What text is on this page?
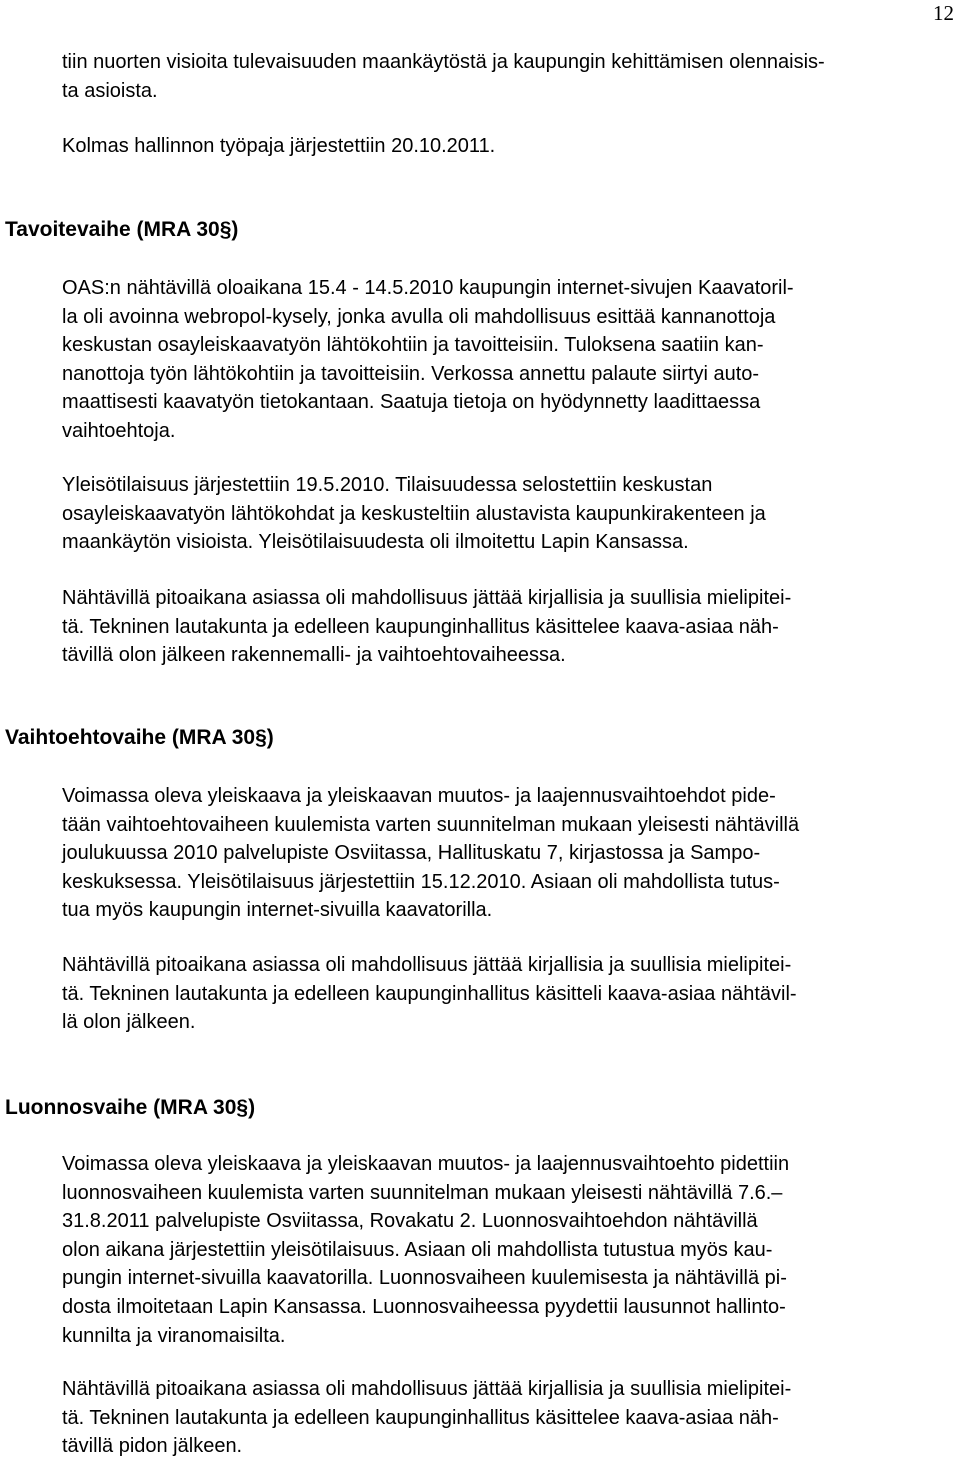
12

tiin nuorten visioita tulevaisuuden maankäytöstä ja kaupungin kehittämisen olennaisis-
ta asioista.

Kolmas hallinnon työpaja järjestettiin 20.10.2011.

Tavoitevaihe (MRA 30§)

OAS:n nähtävillä oloaikana 15.4 - 14.5.2010 kaupungin internet-sivujen Kaavatoril-
la oli avoinna webropol-kysely, jonka avulla oli mahdollisuus esittää kannanottoja
keskustan osayleiskaavatyön lähtökohtiin ja tavoitteisiin. Tuloksena saatiin kan-
nanottoja työn lähtökohtiin ja tavoitteisiin. Verkossa annettu palaute siirtyi auto-
maattisesti kaavatyön tietokantaan. Saatuja tietoja on hyödynnetty laadittaessa
vaihtoehtoja.

Yleisötilaisuus järjestettiin 19.5.2010. Tilaisuudessa selostettiin keskustan
osayleiskaavatyön lähtökohdat ja keskusteltiin alustavista kaupunkirakenteen ja
maankäytön visioista. Yleisötilaisuudesta oli ilmoitettu Lapin Kansassa.

Nähtävillä pitoaikana asiassa oli mahdollisuus jättää kirjallisia ja suullisia mielipitei-
tä. Tekninen lautakunta ja edelleen kaupunginhallitus käsittelee kaava-asiaa näh-
tävillä olon jälkeen rakennemalli- ja vaihtoehtovaiheessa.

Vaihtoehtovaihe (MRA 30§)

Voimassa oleva yleiskaava ja yleiskaavan muutos- ja laajennusvaihtoehdot pide-
tään vaihtoehtovaiheen kuulemista varten suunnitelman mukaan yleisesti nähtävillä
joulukuussa 2010 palvelupiste Osviitassa, Hallituskatu 7, kirjastossa ja Sampo-
keskuksessa. Yleisötilaisuus järjestettiin 15.12.2010. Asiaan oli mahdollista tutus-
tua myös kaupungin internet-sivuilla kaavatorilla.

Nähtävillä pitoaikana asiassa oli mahdollisuus jättää kirjallisia ja suullisia mielipitei-
tä. Tekninen lautakunta ja edelleen kaupunginhallitus käsitteli kaava-asiaa nähtävil-
lä olon jälkeen.

Luonnosvaihe (MRA 30§)

Voimassa oleva yleiskaava ja yleiskaavan muutos- ja laajennusvaihtoehto pidettiin
luonnosvaiheen kuulemista varten suunnitelman mukaan yleisesti nähtävillä 7.6.–
31.8.2011 palvelupiste Osviitassa, Rovakatu 2. Luonnosvaihtoehdon nähtävillä
olon aikana järjestettiin yleisötilaisuus. Asiaan oli mahdollista tutustua myös kau-
pungin internet-sivuilla kaavatorilla. Luonnosvaiheen kuulemisesta ja nähtävillä pi-
dosta ilmoitetaan Lapin Kansassa. Luonnosvaiheessa pyydettii lausunnot hallinto-
kunnilta ja viranomaisilta.

Nähtävillä pitoaikana asiassa oli mahdollisuus jättää kirjallisia ja suullisia mielipitei-
tä. Tekninen lautakunta ja edelleen kaupunginhallitus käsittelee kaava-asiaa näh-
tävillä pidon jälkeen.
